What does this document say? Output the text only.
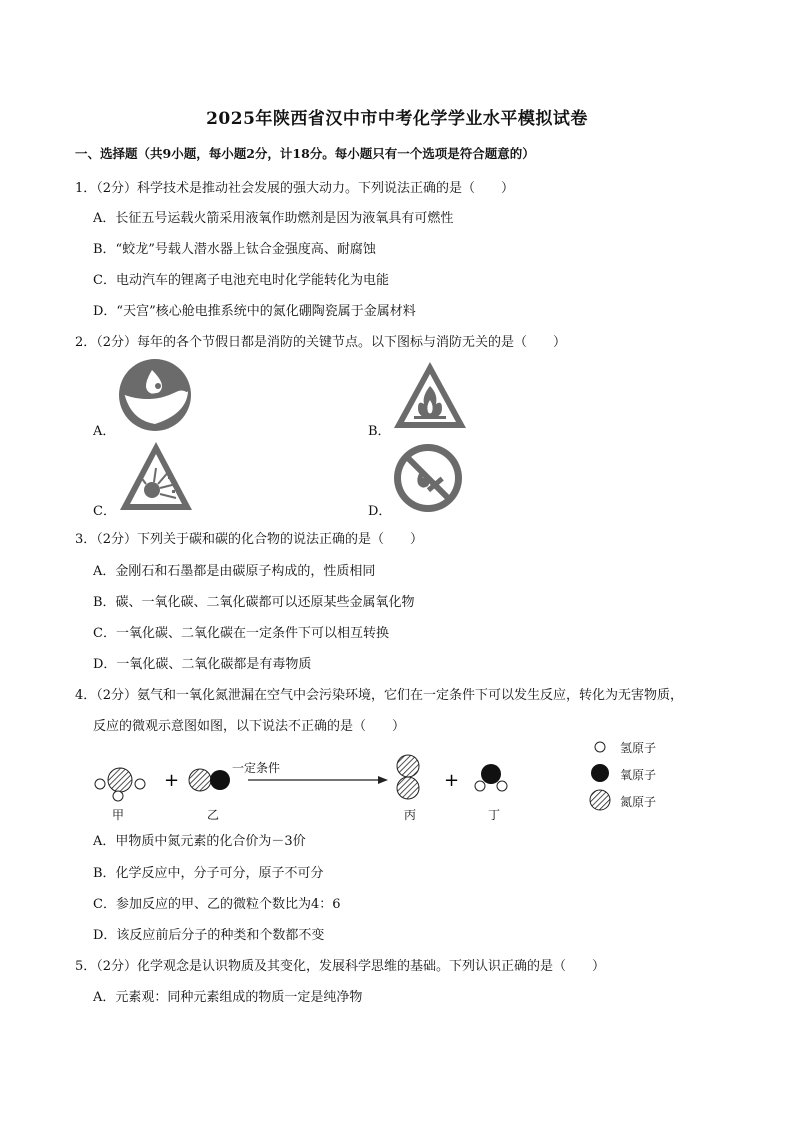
2025年陕西省汉中市中考化学学业水平模拟试卷
一、选择题（共9小题，每小题2分，计18分。每小题只有一个选项是符合题意的）
1．（2分）科学技术是推动社会发展的强大动力。下列说法正确的是（　　）
A．长征五号运载火箭采用液氧作助燃剂是因为液氧具有可燃性
B．“蛟龙”号载人潜水器上钛合金强度高、耐腐蚀
C．电动汽车的锂离子电池充电时化学能转化为电能
D．“天宫”核心舱电推系统中的氮化硼陶瓷属于金属材料
2．（2分）每年的各个节假日都是消防的关键节点。以下图标与消防无关的是（　　）
A．	B．
C．	D．
3．（2分）下列关于碳和碳的化合物的说法正确的是（　　）
A．金刚石和石墨都是由碳原子构成的，性质相同
B．碳、一氧化碳、二氧化碳都可以还原某些金属氧化物
C．一氧化碳、二氧化碳在一定条件下可以相互转换
D．一氧化碳、二氧化碳都是有毒物质
4．（2分）氨气和一氧化氮泄漏在空气中会污染环境，它们在一定条件下可以发生反应，转化为无害物质，
反应的微观示意图如图，以下说法不正确的是（　　）
+	+
一定条件
甲	乙	丙	丁
氢原子
氧原子
氮原子
A．甲物质中氮元素的化合价为－3价
B．化学反应中，分子可分，原子不可分
C．参加反应的甲、乙的微粒个数比为4：6
D．该反应前后分子的种类和个数都不变
5．（2分）化学观念是认识物质及其变化，发展科学思维的基础。下列认识正确的是（　　）
A．元素观：同种元素组成的物质一定是纯净物
